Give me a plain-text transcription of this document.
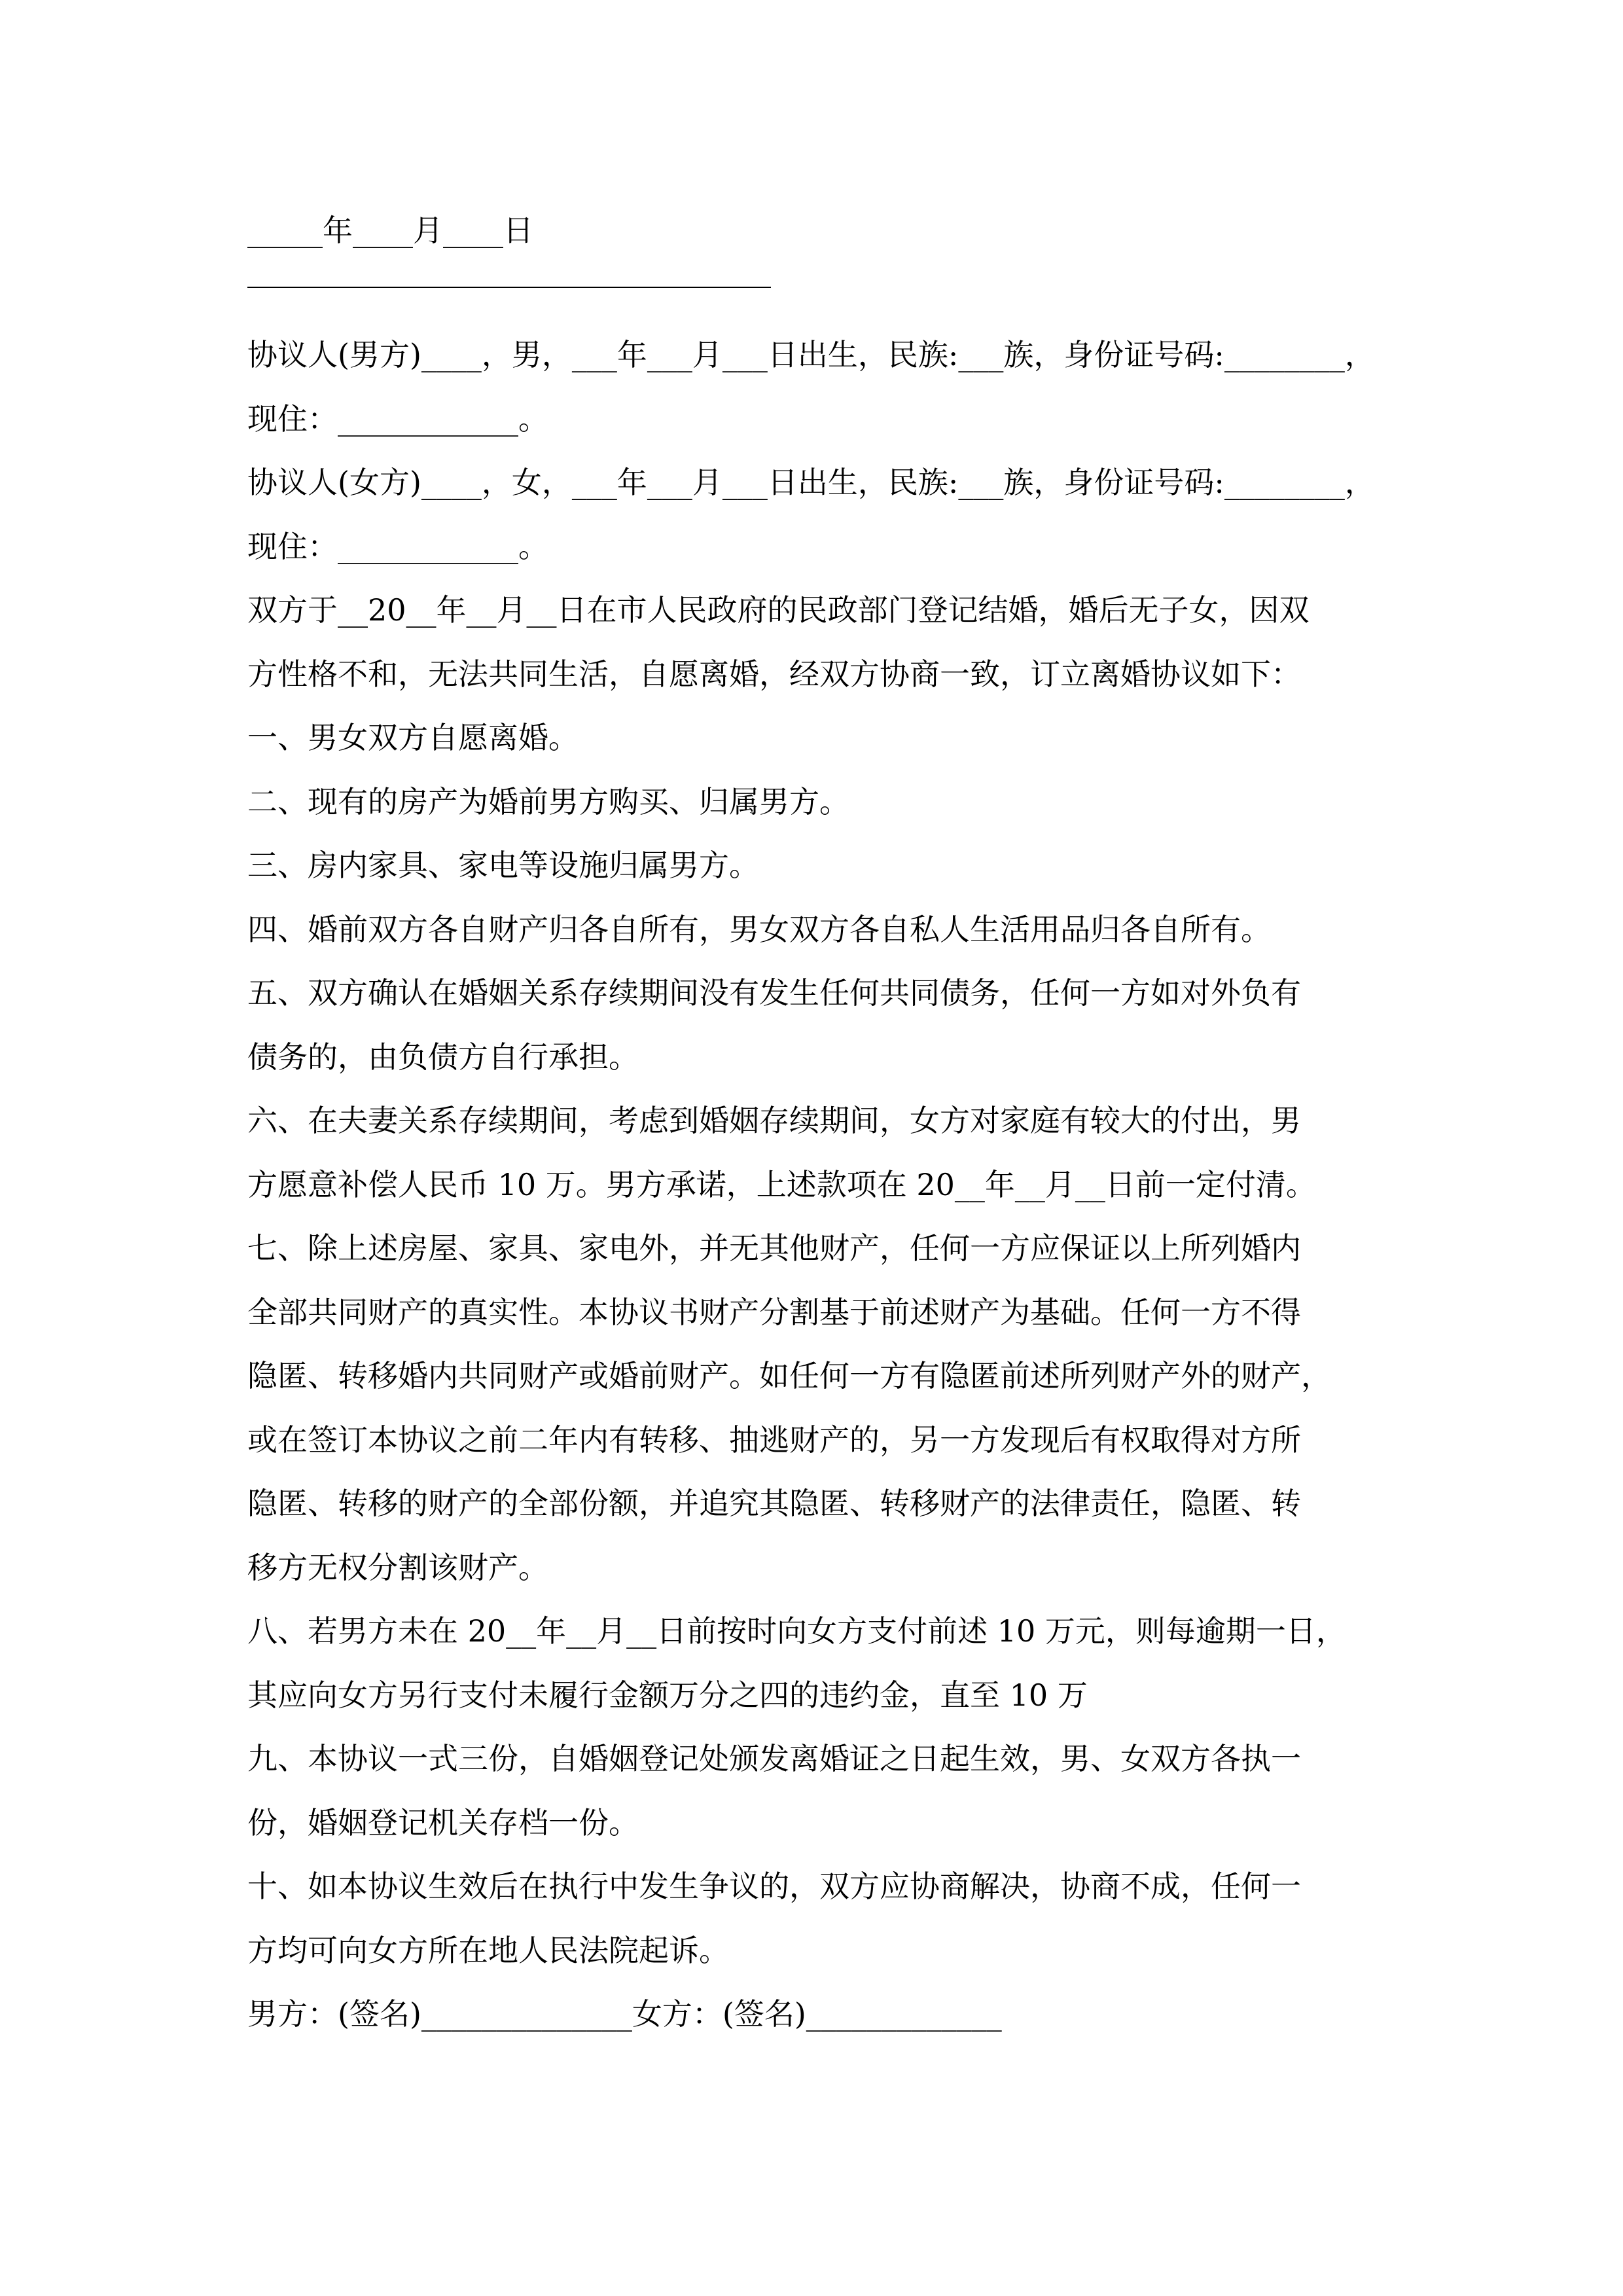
_____年____月____日
协议人(男方)____，男，___年___月___日出生，民族:___族，身份证号码:________，
现住：____________。
协议人(女方)____，女，___年___月___日出生，民族:___族，身份证号码:________，
现住：____________。
双方于__20__年__月__日在市人民政府的民政部门登记结婚，婚后无子女，因双
方性格不和，无法共同生活，自愿离婚，经双方协商一致，订立离婚协议如下：
一、男女双方自愿离婚。
二、现有的房产为婚前男方购买、归属男方。
三、房内家具、家电等设施归属男方。
四、婚前双方各自财产归各自所有，男女双方各自私人生活用品归各自所有。
五、双方确认在婚姻关系存续期间没有发生任何共同债务，任何一方如对外负有
债务的，由负债方自行承担。
六、在夫妻关系存续期间，考虑到婚姻存续期间，女方对家庭有较大的付出，男
方愿意补偿人民币 10 万。男方承诺，上述款项在 20__年__月__日前一定付清。
七、除上述房屋、家具、家电外，并无其他财产，任何一方应保证以上所列婚内
全部共同财产的真实性。本协议书财产分割基于前述财产为基础。任何一方不得
隐匿、转移婚内共同财产或婚前财产。如任何一方有隐匿前述所列财产外的财产，
或在签订本协议之前二年内有转移、抽逃财产的，另一方发现后有权取得对方所
隐匿、转移的财产的全部份额，并追究其隐匿、转移财产的法律责任，隐匿、转
移方无权分割该财产。
八、若男方未在 20__年__月__日前按时向女方支付前述 10 万元，则每逾期一日，
其应向女方另行支付未履行金额万分之四的违约金，直至 10 万
九、本协议一式三份，自婚姻登记处颁发离婚证之日起生效，男、女双方各执一
份，婚姻登记机关存档一份。
十、如本协议生效后在执行中发生争议的，双方应协商解决，协商不成，任何一
方均可向女方所在地人民法院起诉。
男方：(签名)______________女方：(签名)_____________
